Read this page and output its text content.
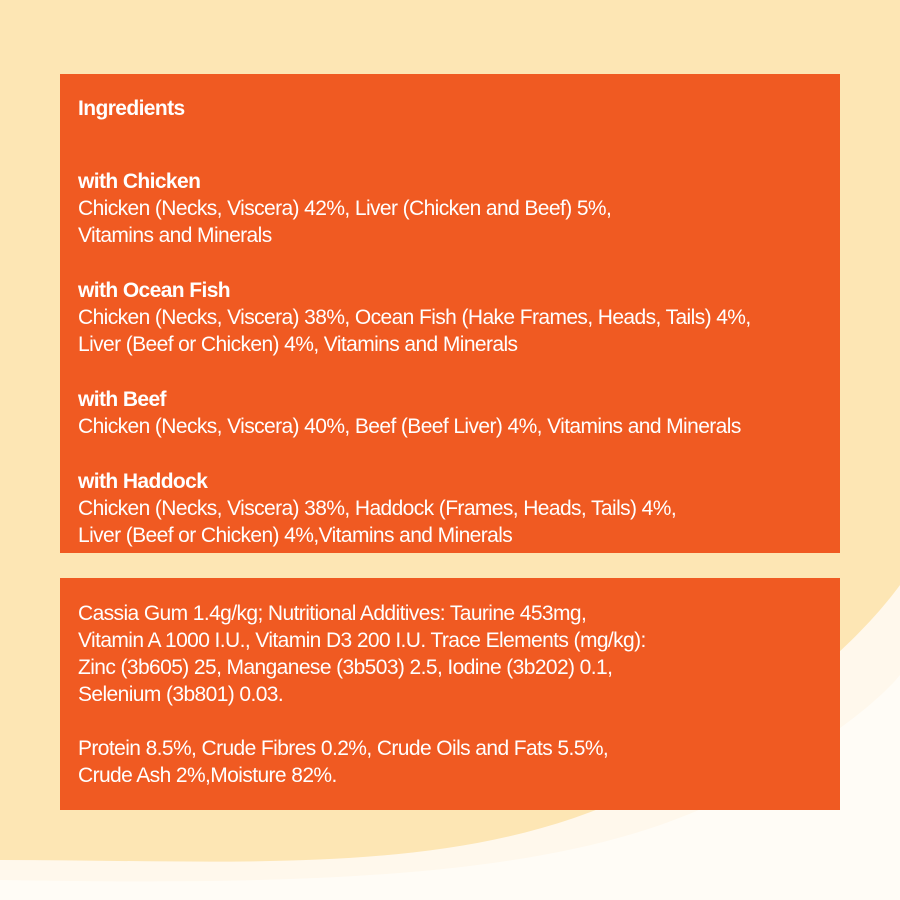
Ingredients
with Chicken
Chicken (Necks, Viscera) 42%, Liver (Chicken and Beef) 5%,
Vitamins and Minerals
with Ocean Fish
Chicken (Necks, Viscera) 38%, Ocean Fish (Hake Frames, Heads, Tails) 4%,
Liver (Beef or Chicken) 4%, Vitamins and Minerals
with Beef
Chicken (Necks, Viscera) 40%, Beef (Beef Liver) 4%, Vitamins and Minerals
with Haddock
Chicken (Necks, Viscera) 38%, Haddock (Frames, Heads, Tails) 4%,
Liver (Beef or Chicken) 4%,Vitamins and Minerals
Cassia Gum 1.4g/kg; Nutritional Additives: Taurine 453mg,
Vitamin A 1000 I.U., Vitamin D3 200 I.U. Trace Elements (mg/kg):
Zinc (3b605) 25, Manganese (3b503) 2.5, Iodine (3b202) 0.1,
Selenium (3b801) 0.03.
Protein 8.5%, Crude Fibres 0.2%, Crude Oils and Fats 5.5%,
Crude Ash 2%,Moisture 82%.
